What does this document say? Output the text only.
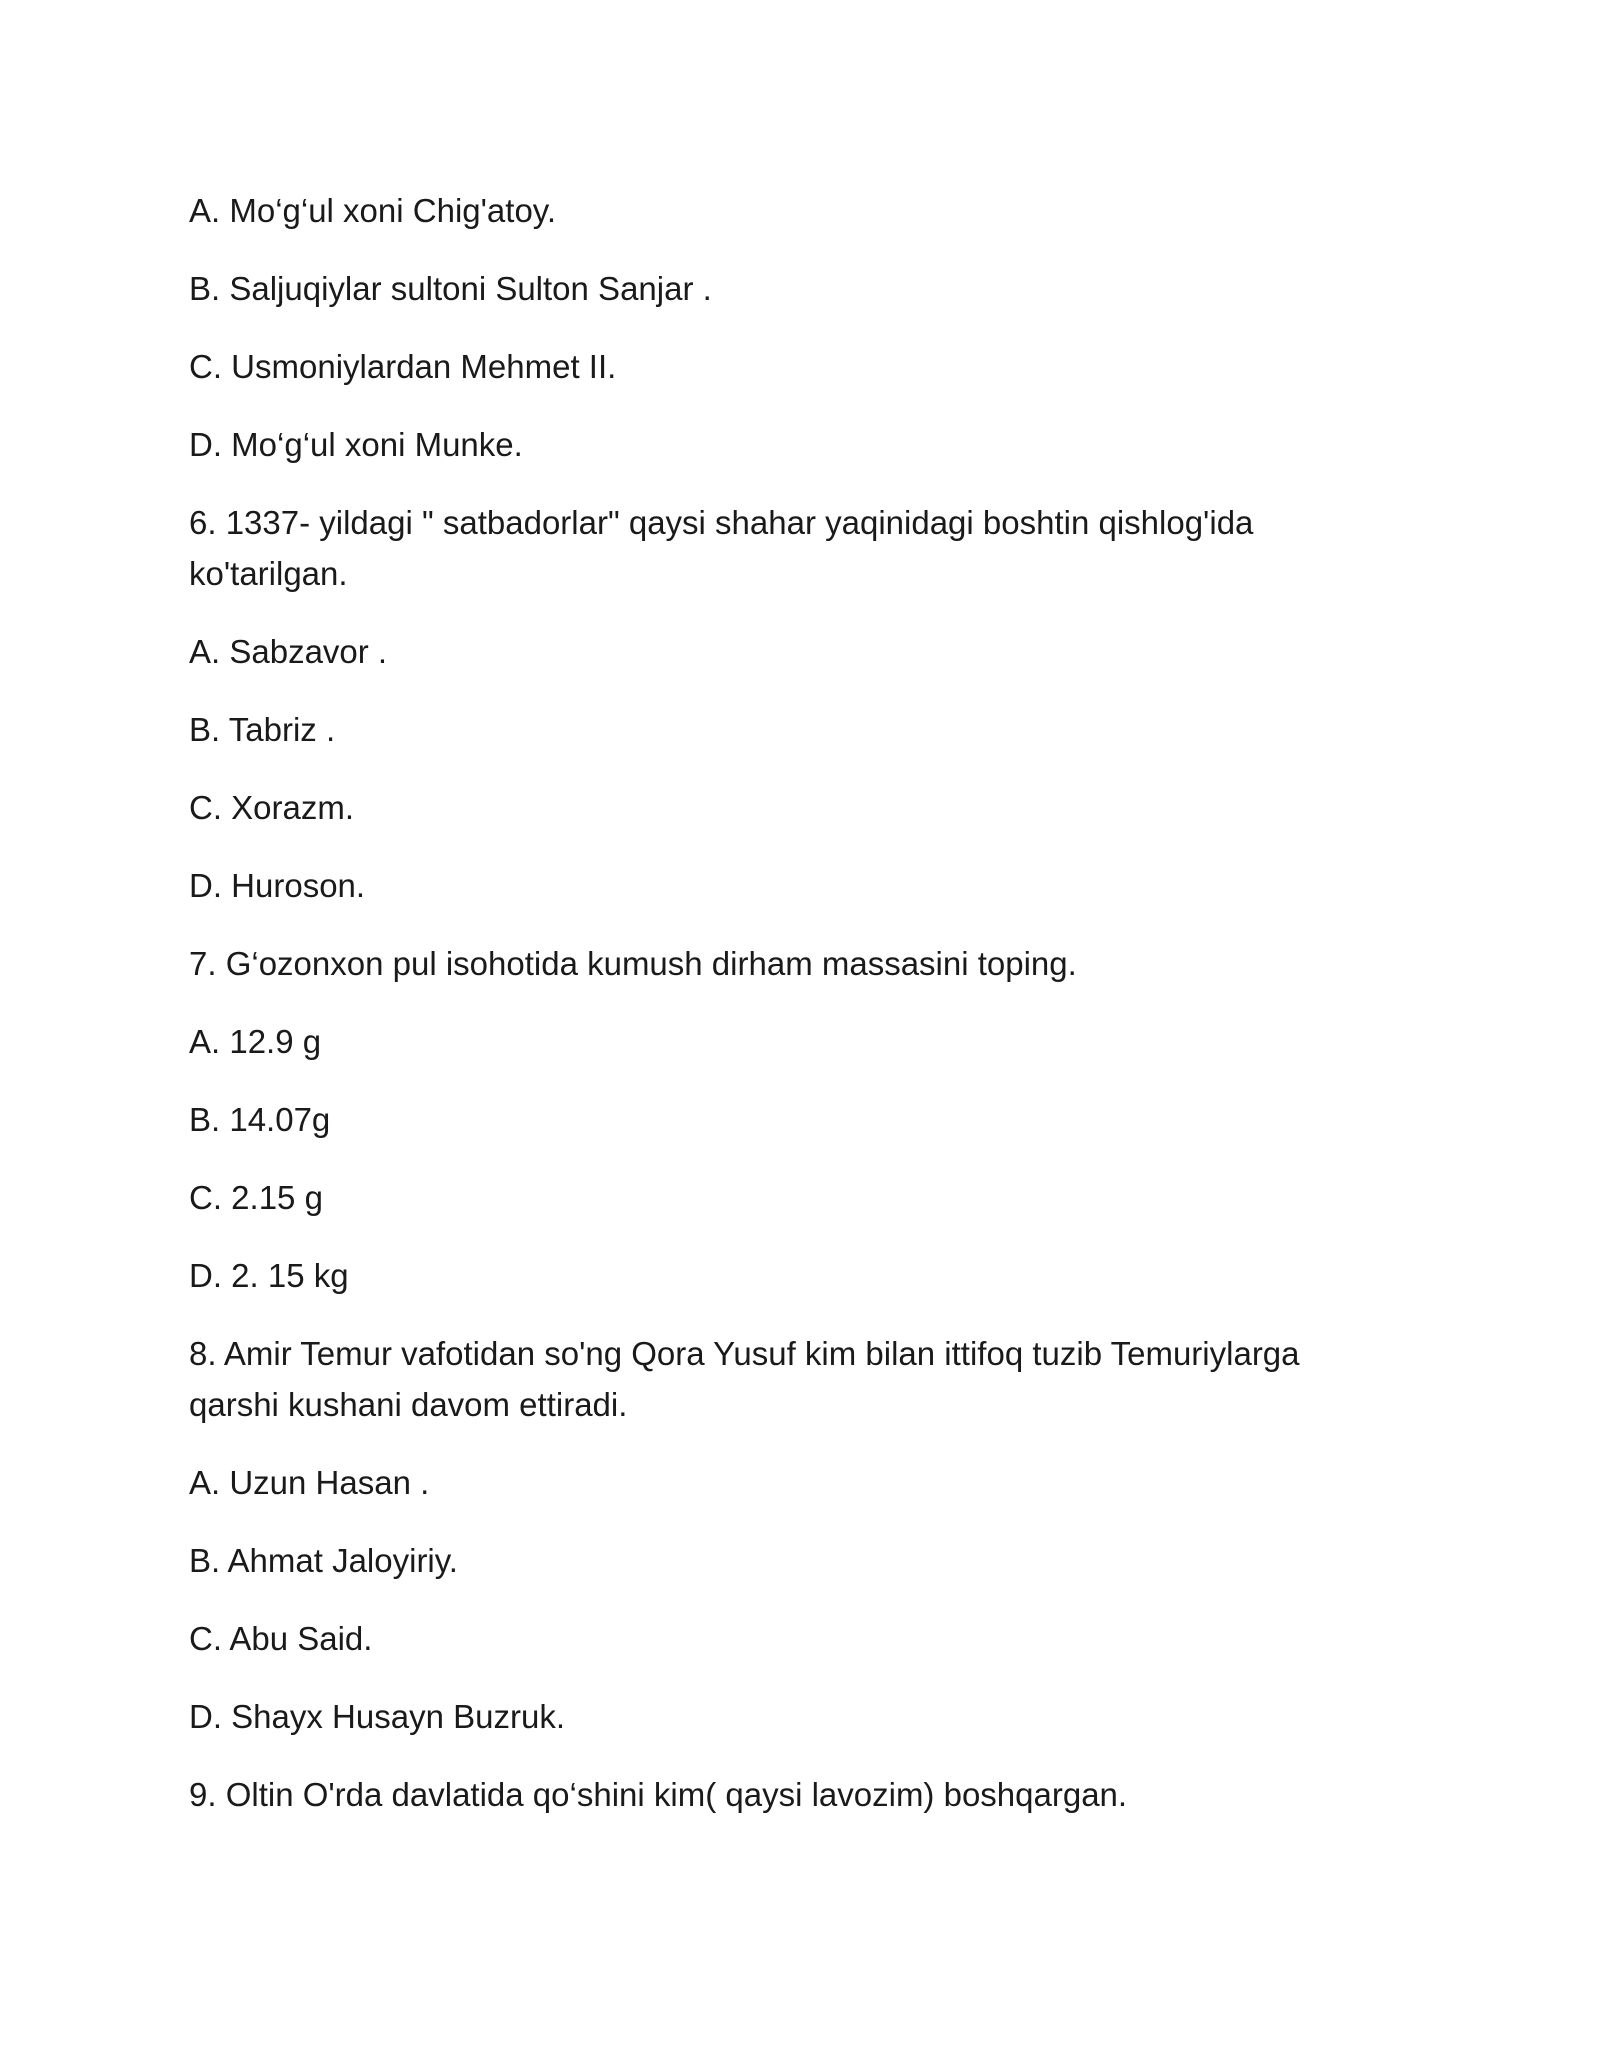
A. Mo‘g‘ul xoni Chig'atoy.

B. Saljuqiylar sultoni Sulton Sanjar .

C. Usmoniylardan Mehmet II.

D. Mo‘g‘ul xoni Munke.

6. 1337- yildagi " satbadorlar" qaysi shahar yaqinidagi boshtin qishlog'ida ko'tarilgan.

A. Sabzavor .

B. Tabriz .

C. Xorazm.

D. Huroson.

7. G‘ozonxon pul isohotida kumush dirham massasini toping.

A. 12.9 g

B. 14.07g

C. 2.15 g

D. 2. 15 kg

8. Amir Temur vafotidan so'ng Qora Yusuf kim bilan ittifoq tuzib Temuriylarga qarshi kushani davom ettiradi.

A. Uzun Hasan .

B. Ahmat Jaloyiriy.

C. Abu Said.

D. Shayx Husayn Buzruk.

9. Oltin O'rda davlatida qo‘shini kim( qaysi lavozim) boshqargan.
